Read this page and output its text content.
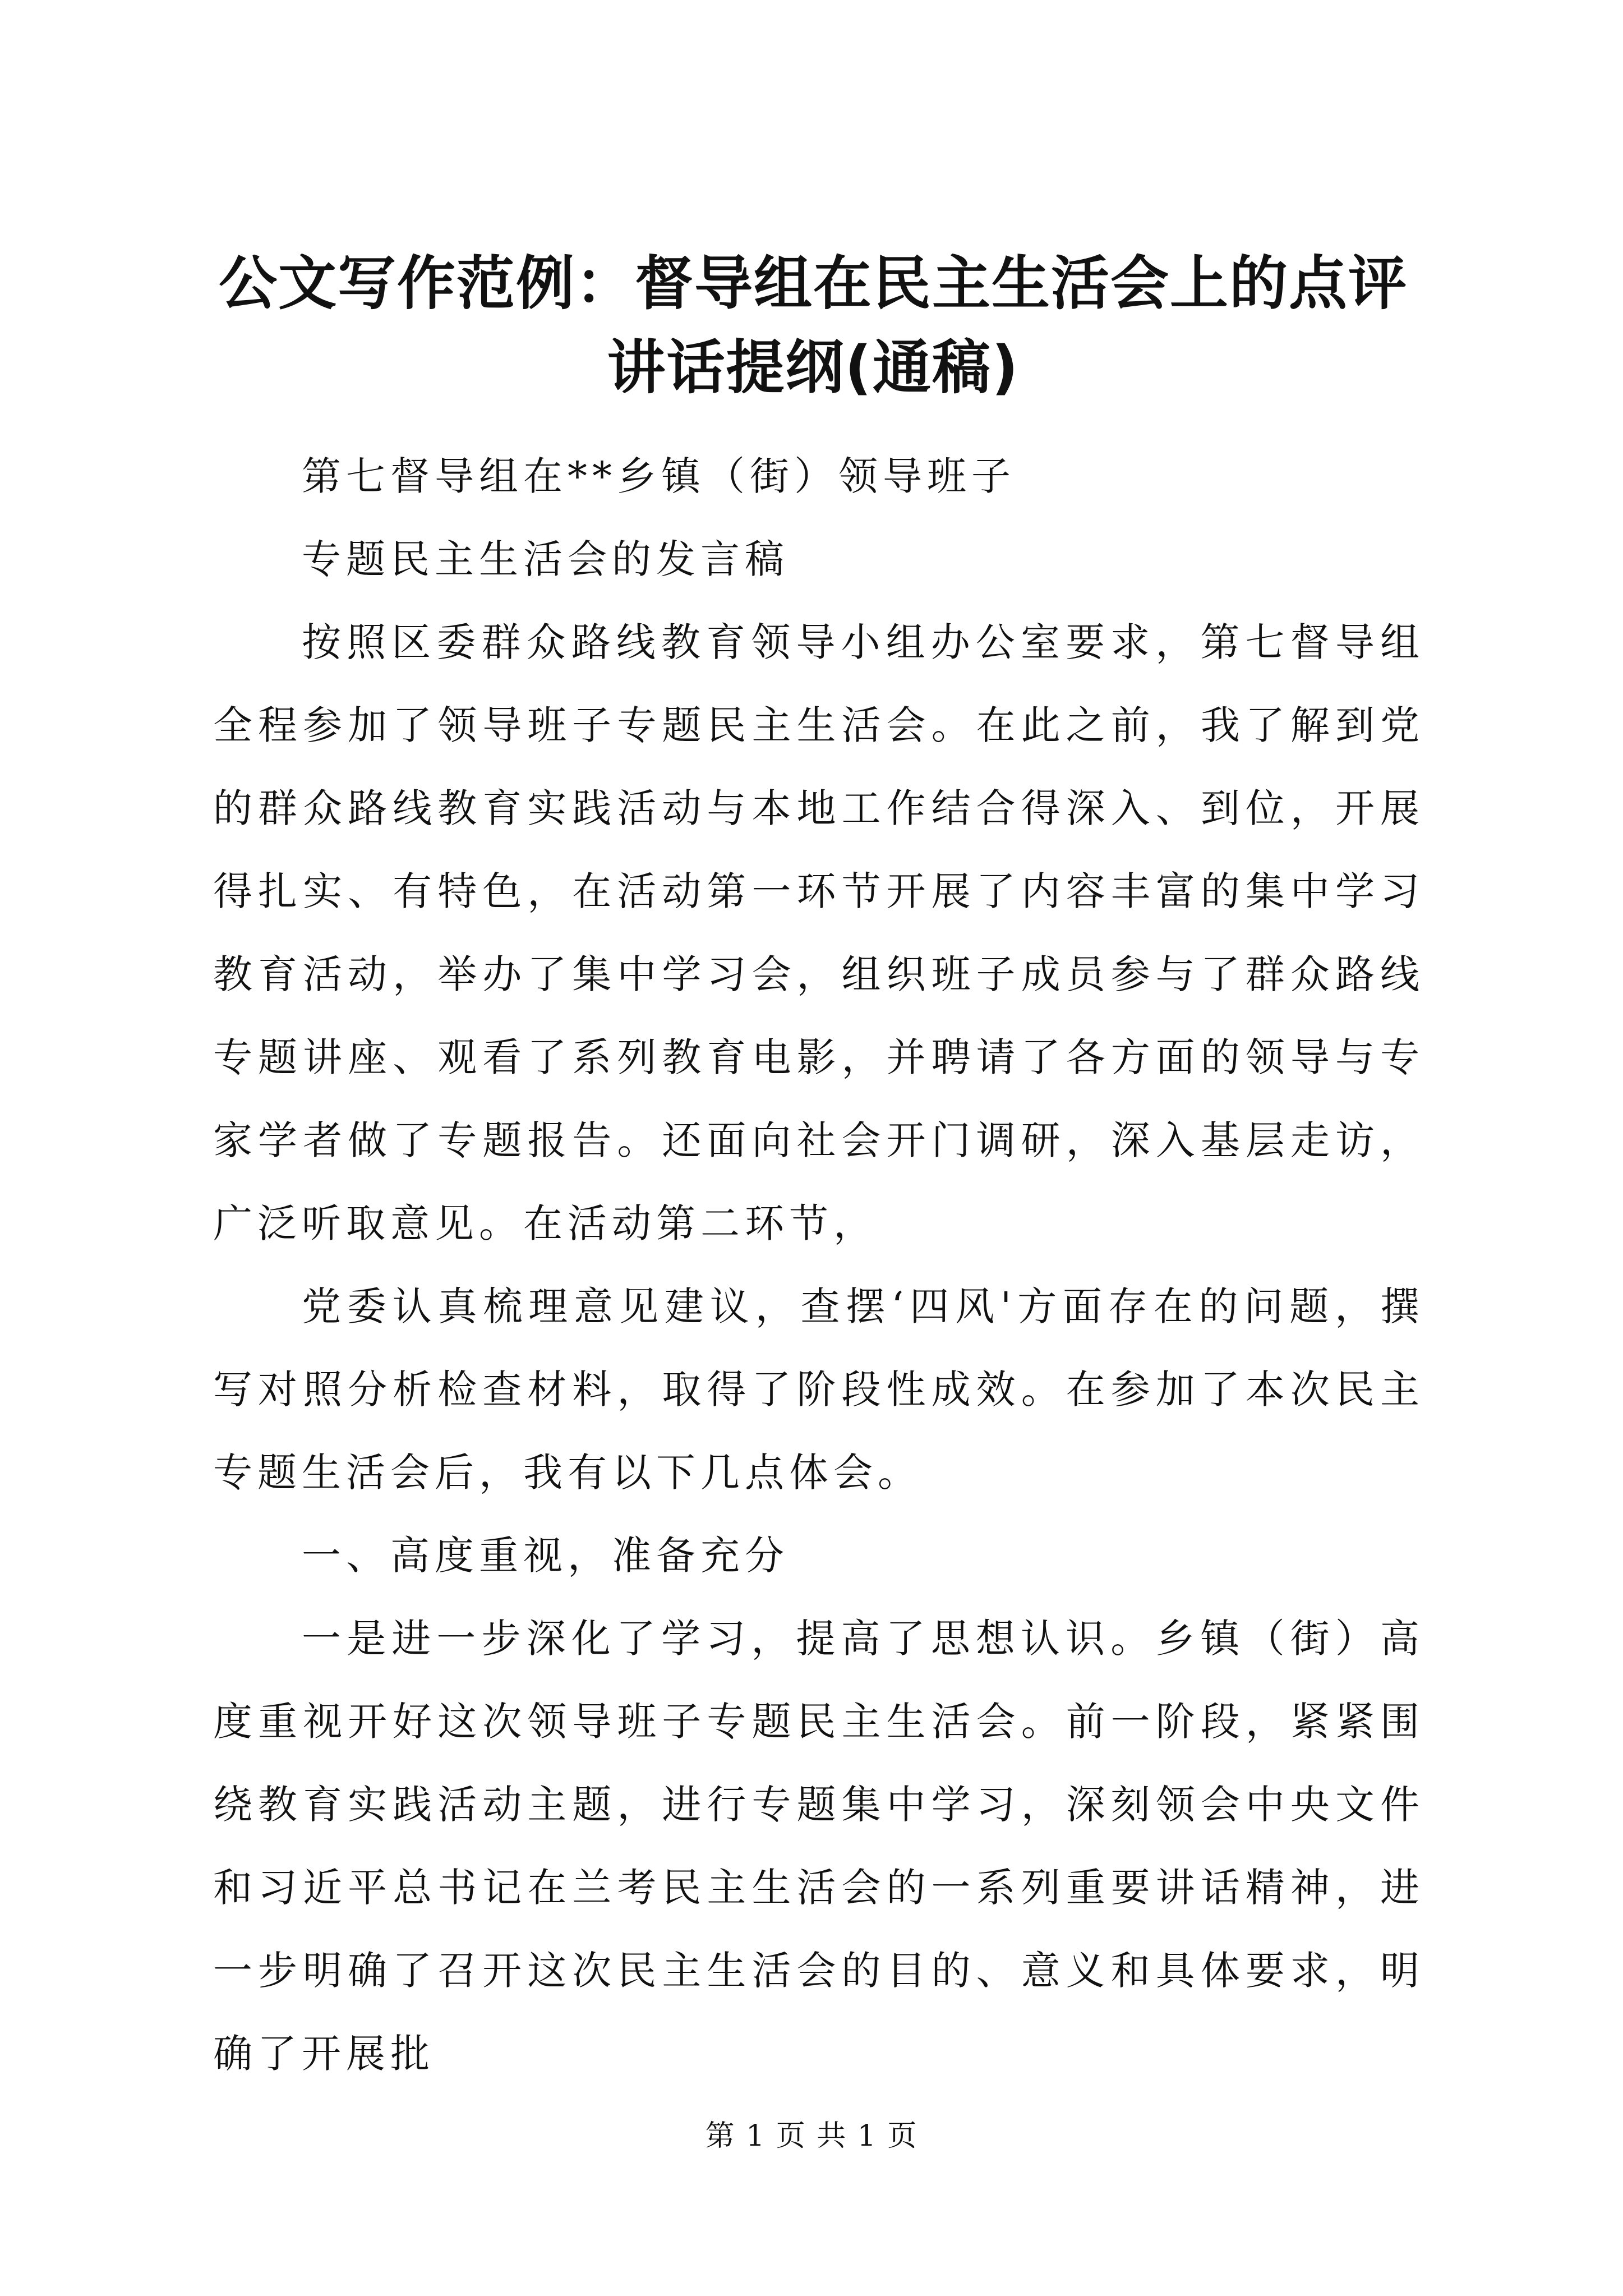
公文写作范例：督导组在民主生活会上的点评
讲话提纲(通稿)

第七督导组在**乡镇（街）领导班子

专题民主生活会的发言稿

按照区委群众路线教育领导小组办公室要求，第七督导组全程参加了领导班子专题民主生活会。在此之前，我了解到党的群众路线教育实践活动与本地工作结合得深入、到位，开展得扎实、有特色，在活动第一环节开展了内容丰富的集中学习教育活动，举办了集中学习会，组织班子成员参与了群众路线专题讲座、观看了系列教育电影，并聘请了各方面的领导与专家学者做了专题报告。还面向社会开门调研，深入基层走访，广泛听取意见。在活动第二环节，

党委认真梳理意见建议，查摆‘四风'方面存在的问题，撰写对照分析检查材料，取得了阶段性成效。在参加了本次民主专题生活会后，我有以下几点体会。

一、高度重视，准备充分

一是进一步深化了学习，提高了思想认识。乡镇（街）高度重视开好这次领导班子专题民主生活会。前一阶段，紧紧围绕教育实践活动主题，进行专题集中学习，深刻领会中央文件和习近平总书记在兰考民主生活会的一系列重要讲话精神，进一步明确了召开这次民主生活会的目的、意义和具体要求，明确了开展批

第 1 页 共 1 页
